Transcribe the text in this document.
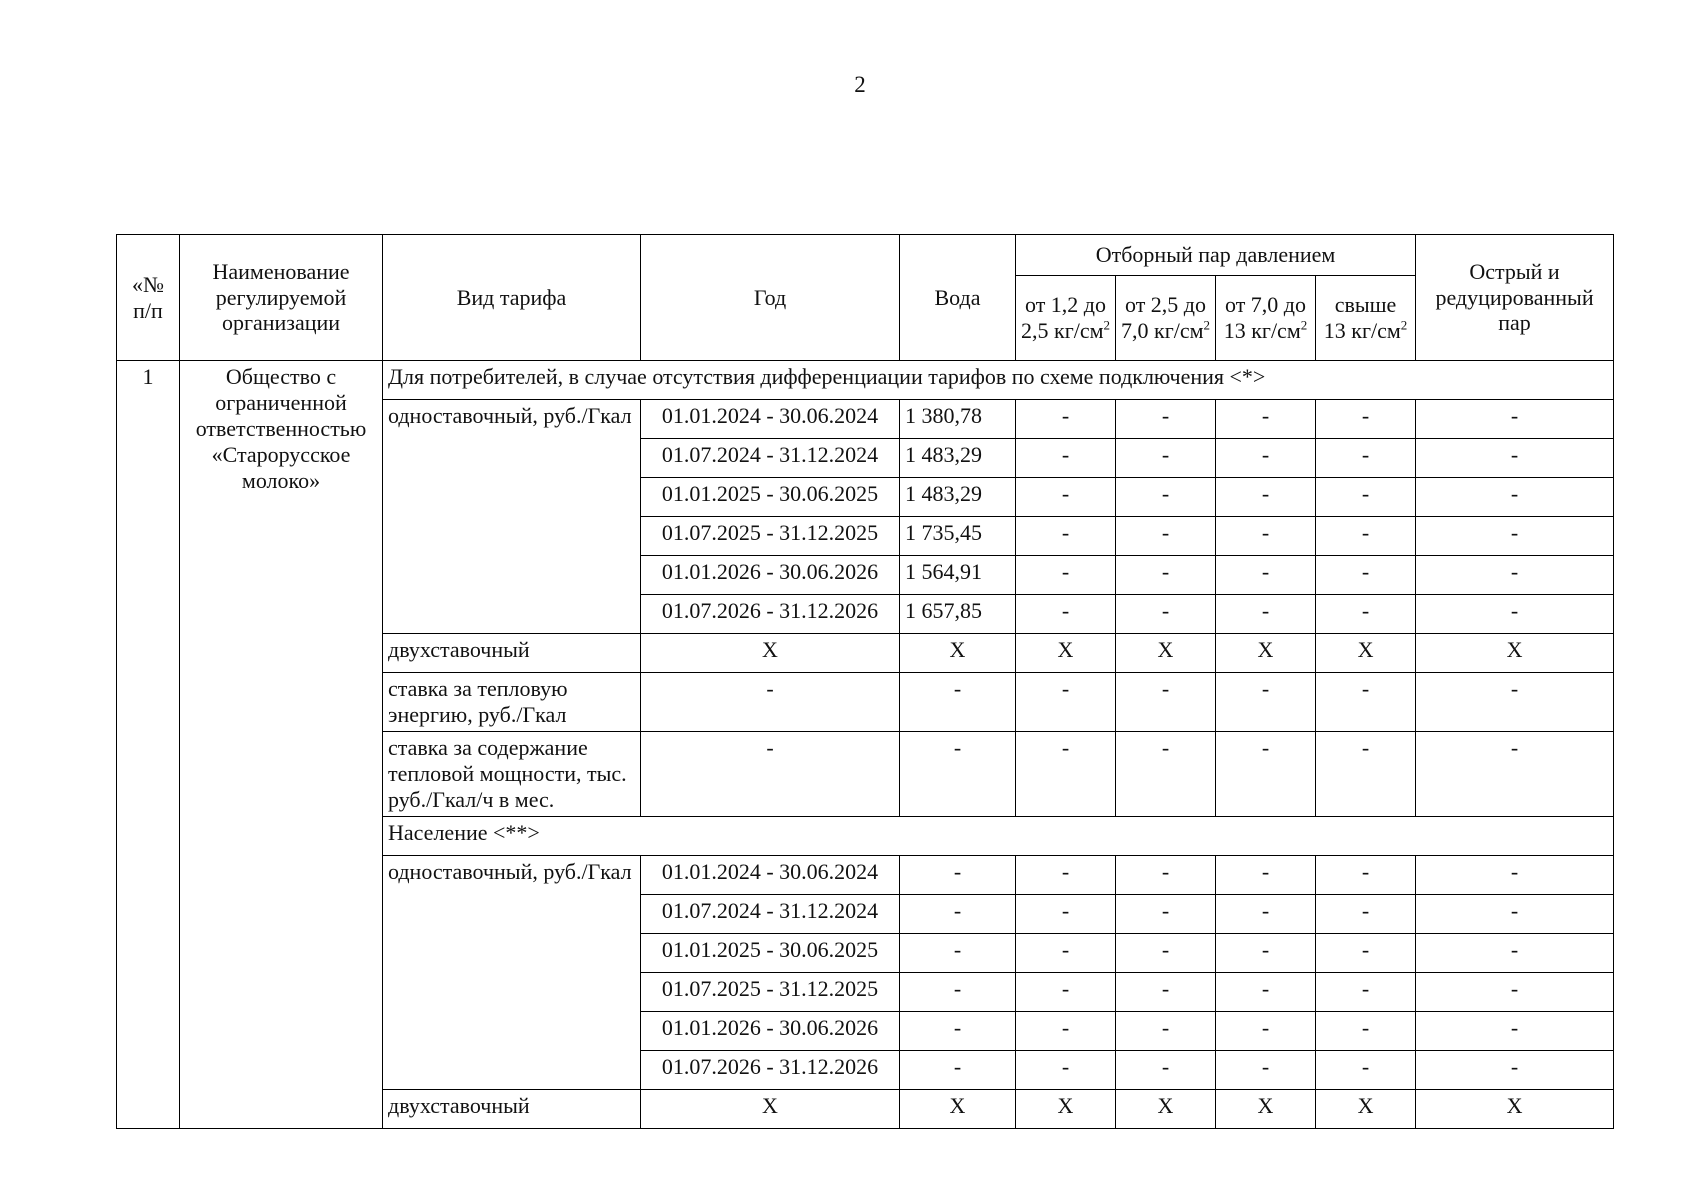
2
«№ п/п	Наименование регулируемой организации	Вид тарифа	Год	Вода	Отборный пар давлением				Острый и редуцированный пар
					от 1,2 до 2,5 $кг/см^2$	от 2,5 до 7,0 $кг/см^2$	от 7,0 до 13 $кг/см^2$	свыше 13 $кг/см^2$
1	Общество с ограниченной ответственностью «Старорусское молоко»	Для потребителей, в случае отсутствия дифференциации тарифов по схеме подключения <*>							
		одноставочный, руб./Гкал	01.01.2024 - 30.06.2024	1 380,78	-	-	-	-	-
			01.07.2024 - 31.12.2024	1 483,29	-	-	-	-	-
			01.01.2025 - 30.06.2025	1 483,29	-	-	-	-	-
			01.07.2025 - 31.12.2025	1 735,45	-	-	-	-	-
			01.01.2026 - 30.06.2026	1 564,91	-	-	-	-	-
			01.07.2026 - 31.12.2026	1 657,85	-	-	-	-	-
		двухставочный	X	X	X	X	X	X	X
		ставка за тепловую энергию, руб./Гкал	-	-	-	-	-	-	-
		ставка за содержание тепловой мощности, тыс. руб./Гкал/ч в мес.	-	-	-	-	-	-	-
		Население <**>							
		одноставочный, руб./Гкал	01.01.2024 - 30.06.2024	-	-	-	-	-	-
			01.07.2024 - 31.12.2024	-	-	-	-	-	-
			01.01.2025 - 30.06.2025	-	-	-	-	-	-
			01.07.2025 - 31.12.2025	-	-	-	-	-	-
			01.01.2026 - 30.06.2026	-	-	-	-	-	-
			01.07.2026 - 31.12.2026	-	-	-	-	-	-
		двухставочный	X	X	X	X	X	X	X
